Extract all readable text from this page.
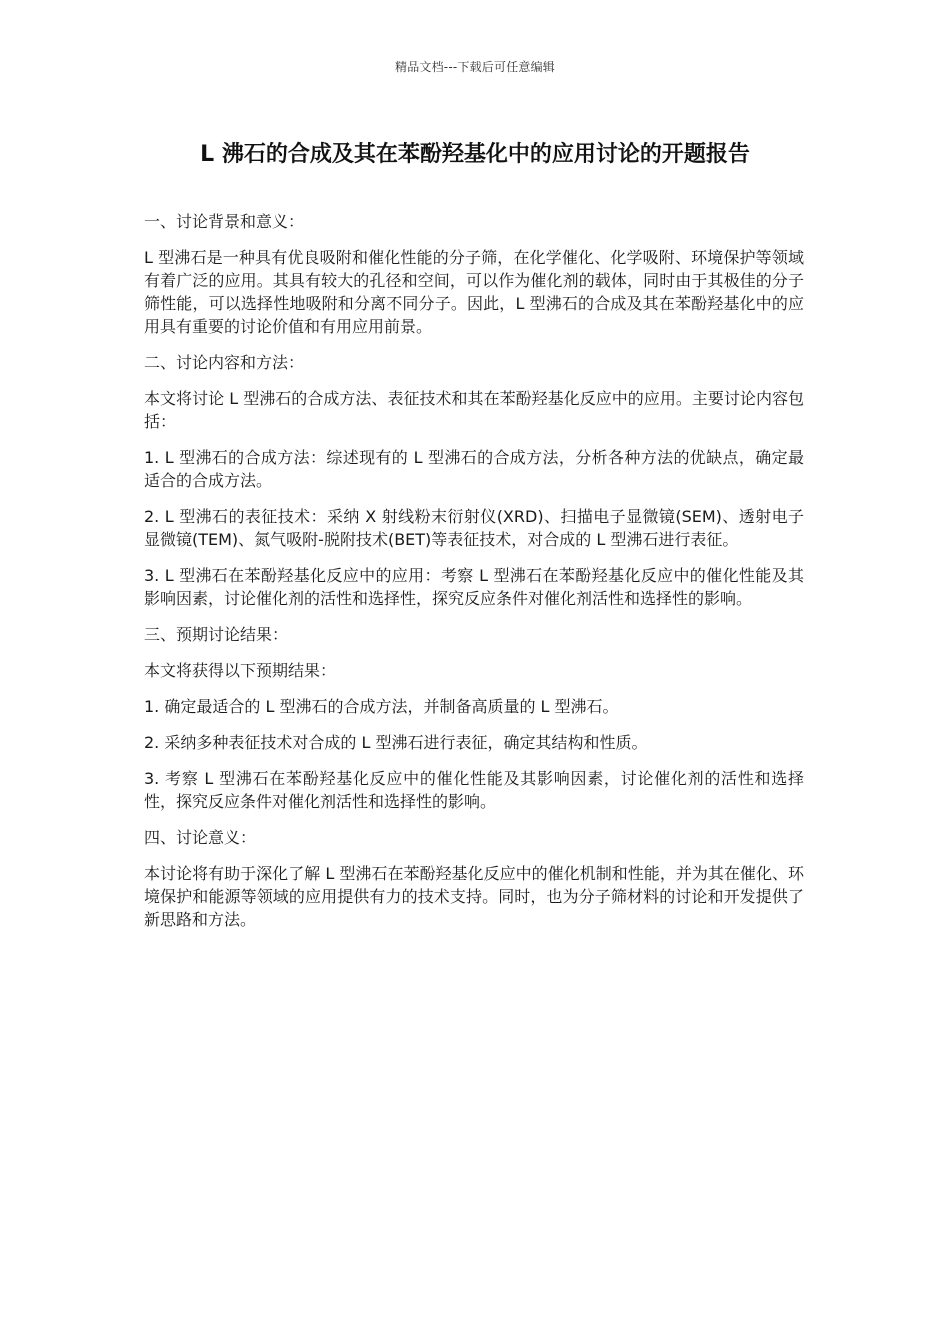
精品文档---下载后可任意编辑
L 沸石的合成及其在苯酚羟基化中的应用讨论的开题报告

一、讨论背景和意义：

L 型沸石是一种具有优良吸附和催化性能的分子筛，在化学催化、化学吸附、环境保护等领域有着广泛的应用。其具有较大的孔径和空间，可以作为催化剂的载体，同时由于其极佳的分子筛性能，可以选择性地吸附和分离不同分子。因此，L 型沸石的合成及其在苯酚羟基化中的应用具有重要的讨论价值和有用应用前景。

二、讨论内容和方法：

本文将讨论 L 型沸石的合成方法、表征技术和其在苯酚羟基化反应中的应用。主要讨论内容包括：

1. L 型沸石的合成方法：综述现有的 L 型沸石的合成方法，分析各种方法的优缺点，确定最适合的合成方法。

2. L 型沸石的表征技术：采纳 X 射线粉末衍射仪(XRD)、扫描电子显微镜(SEM)、透射电子显微镜(TEM)、氮气吸附-脱附技术(BET)等表征技术，对合成的 L 型沸石进行表征。

3. L 型沸石在苯酚羟基化反应中的应用：考察 L 型沸石在苯酚羟基化反应中的催化性能及其影响因素，讨论催化剂的活性和选择性，探究反应条件对催化剂活性和选择性的影响。

三、预期讨论结果：

本文将获得以下预期结果：

1. 确定最适合的 L 型沸石的合成方法，并制备高质量的 L 型沸石。

2. 采纳多种表征技术对合成的 L 型沸石进行表征，确定其结构和性质。

3. 考察 L 型沸石在苯酚羟基化反应中的催化性能及其影响因素，讨论催化剂的活性和选择性，探究反应条件对催化剂活性和选择性的影响。

四、讨论意义：

本讨论将有助于深化了解 L 型沸石在苯酚羟基化反应中的催化机制和性能，并为其在催化、环境保护和能源等领域的应用提供有力的技术支持。同时，也为分子筛材料的讨论和开发提供了新思路和方法。
